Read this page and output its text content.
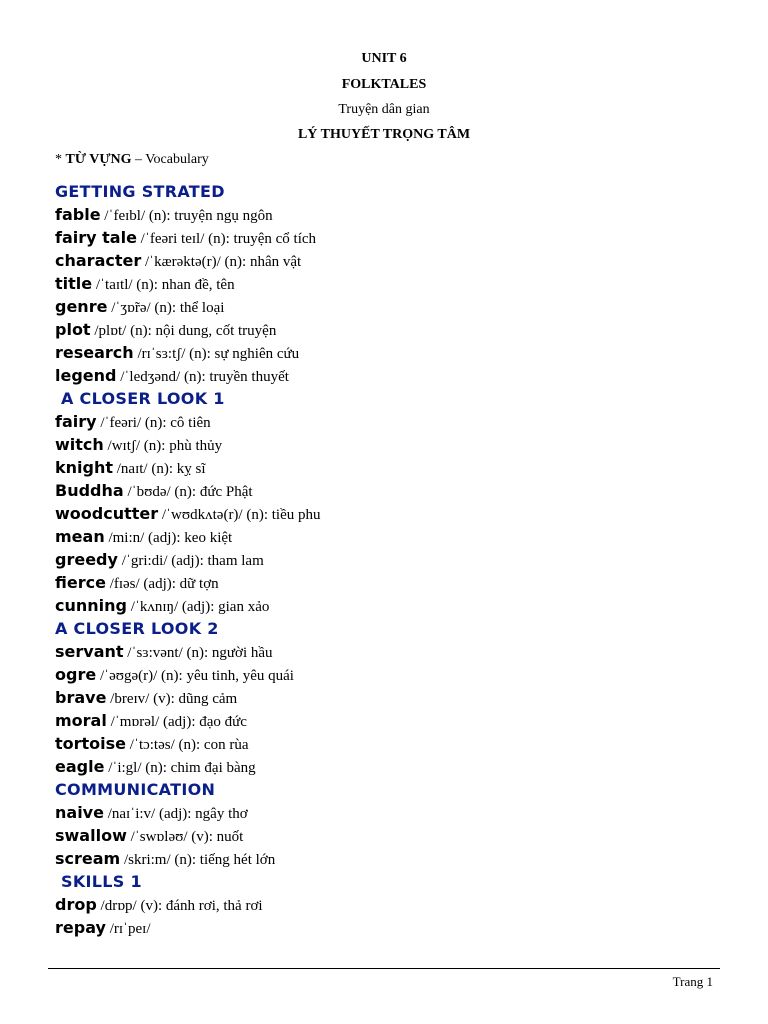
UNIT 6
FOLKTALES
Truyện dân gian
LÝ THUYẾT TRỌNG TÂM
* TỪ VỰNG – Vocabulary
GETTING STRATED
fable /ˈfeɪbl/ (n): truyện ngụ ngôn
fairy tale /ˈfeəri teɪl/ (n): truyện cổ tích
character /ˈkærəktə(r)/ (n): nhân vật
title /ˈtaɪtl/ (n): nhan đề, tên
genre /ˈʒɒ̃rə/ (n): thể loại
plot /plɒt/ (n): nội dung, cốt truyện
research /rɪˈsɜ:tʃ/ (n): sự nghiên cứu
legend /ˈledʒənd/ (n): truyền thuyết
A CLOSER LOOK 1
fairy /ˈfeəri/ (n): cô tiên
witch /wɪtʃ/ (n): phù thủy
knight /naɪt/ (n): kỵ sĩ
Buddha /ˈbʊdə/ (n): đức Phật
woodcutter /ˈwʊdkʌtə(r)/ (n): tiều phu
mean /mi:n/ (adj): keo kiệt
greedy /ˈgri:di/ (adj): tham lam
fierce /fɪəs/ (adj): dữ tợn
cunning /ˈkʌnɪŋ/ (adj): gian xảo
A CLOSER LOOK 2
servant /ˈsɜ:vənt/ (n): người hầu
ogre /ˈəʊgə(r)/ (n): yêu tinh, yêu quái
brave /breɪv/ (v): dũng cảm
moral /ˈmɒrəl/ (adj): đạo đức
tortoise /ˈtɔ:təs/ (n): con rùa
eagle /ˈi:gl/ (n): chim đại bàng
COMMUNICATION
naive /naɪˈi:v/ (adj): ngây thơ
swallow /ˈswɒləʊ/ (v): nuốt
scream /skri:m/ (n): tiếng hét lớn
SKILLS 1
drop /drɒp/ (v): đánh rơi, thả rơi
repay /rɪˈpeɪ/
Trang 1
